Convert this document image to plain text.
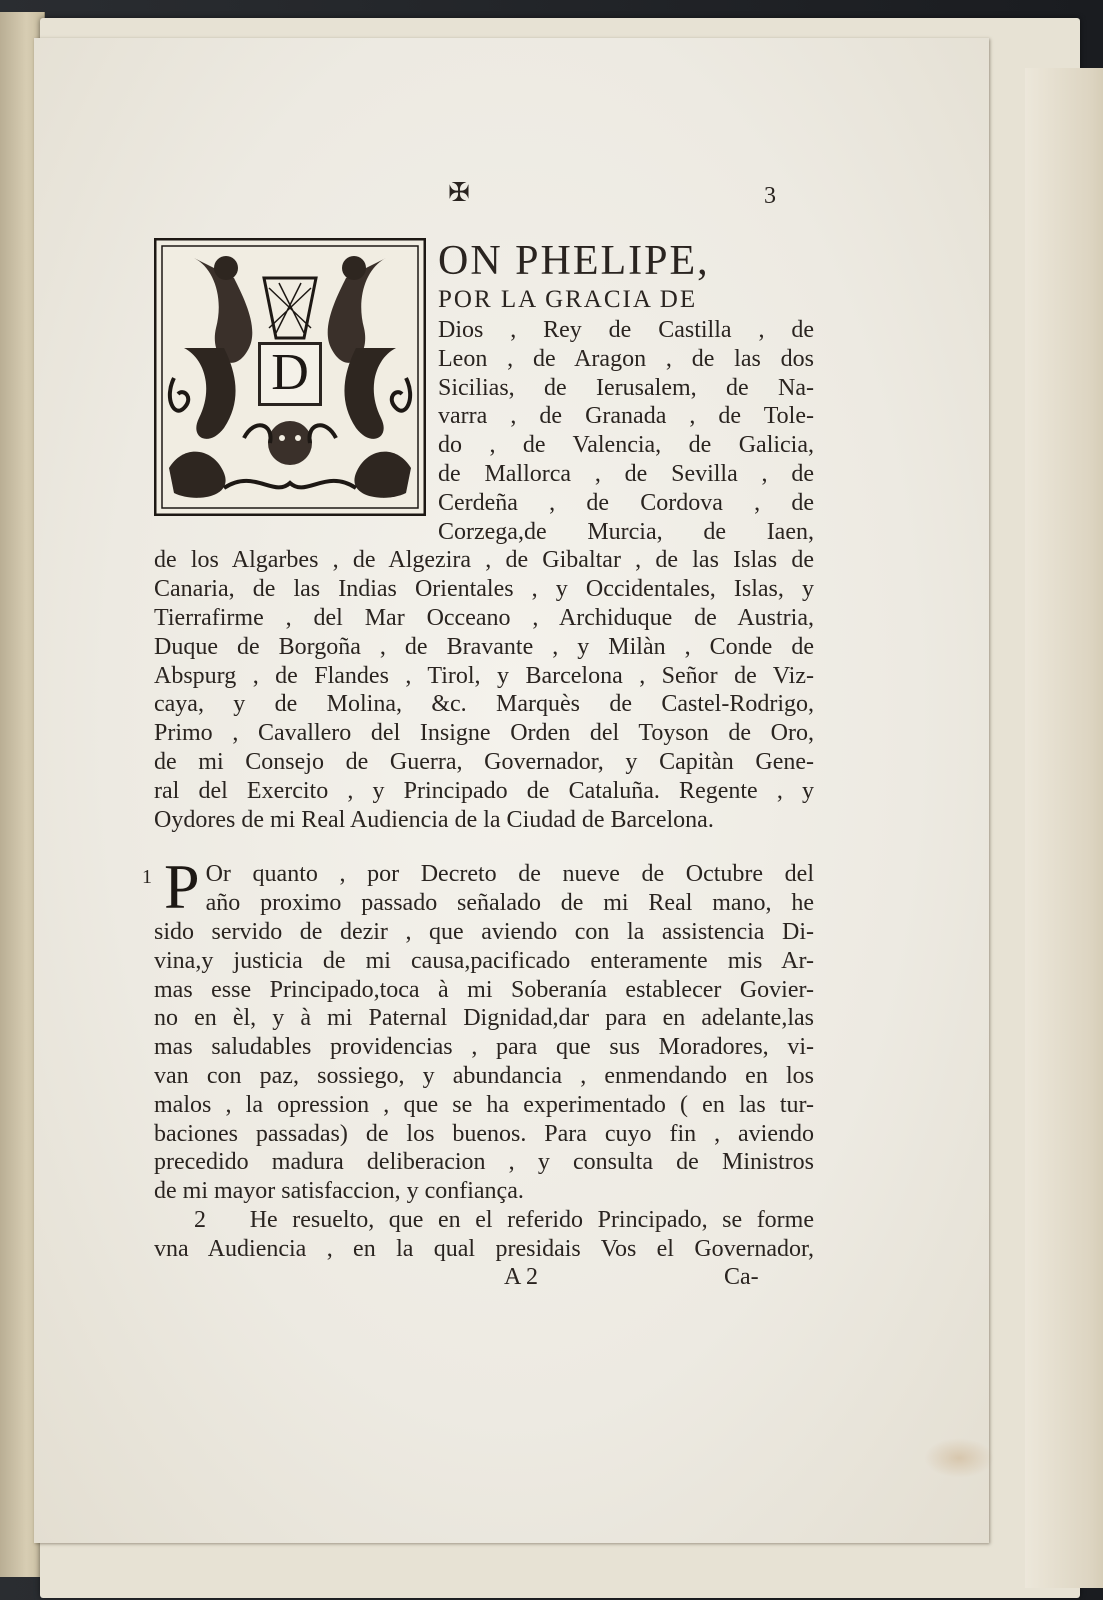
✠	3
D

ON PHELIPE,

POR LA GRACIA DE

Dios , Rey de Castilla , de
Leon , de Aragon , de las dos
Sicilias, de Ierusalem, de Na-
varra , de Granada , de Tole-
do , de Valencia, de Galicia,
de Mallorca , de Sevilla , de
Cerdeña , de Cordova , de
Corzega,de Murcia, de Iaen,
de los Algarbes , de Algezira , de Gibaltar , de las Islas de
Canaria, de las Indias Orientales , y Occidentales, Islas, y
Tierrafirme , del Mar Occeano , Archiduque de Austria,
Duque de Borgoña , de Bravante , y Milàn , Conde de
Abspurg , de Flandes , Tirol, y Barcelona , Señor de Viz-
caya, y de Molina, &c. Marquès de Castel-Rodrigo,
Primo , Cavallero del Insigne Orden del Toyson de Oro,
de mi Consejo de Guerra, Governador, y Capitàn Gene-
ral del Exercito , y Principado de Cataluña. Regente , y
Oydores de mi Real Audiencia de la Ciudad de Barcelona.
1 P Or quanto , por Decreto de nueve de Octubre del
año proximo passado señalado de mi Real mano, he
sido servido de dezir , que aviendo con la assistencia Di-
vina,y justicia de mi causa,pacificado enteramente mis Ar-
mas esse Principado,toca à mi Soberanía establecer Govier-
no en èl, y à mi Paternal Dignidad,dar para en adelante,las
mas saludables providencias , para que sus Moradores, vi-
van con paz, sossiego, y abundancia , enmendando en los
malos , la opression , que se ha experimentado ( en las tur-
baciones passadas) de los buenos. Para cuyo fin , aviendo
precedido madura deliberacion , y consulta de Ministros
de mi mayor satisfaccion, y confiança.
2 He resuelto, que en el referido Principado, se forme
vna Audiencia , en la qual presidais Vos el Governador,
A 2	Ca-
